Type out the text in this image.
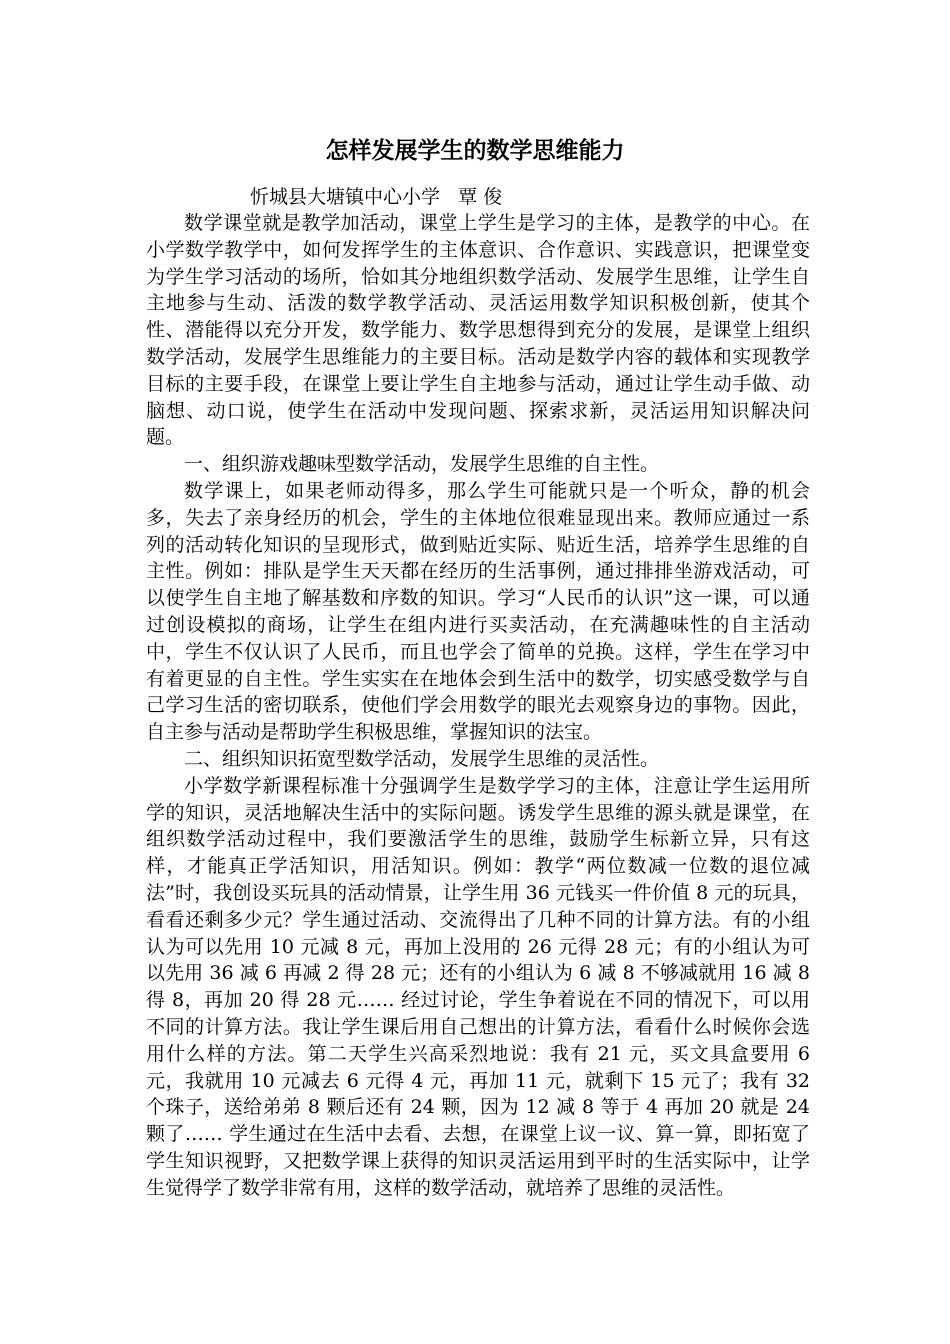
怎样发展学生的数学思维能力
忻城县大塘镇中心小学   覃 俊

数学课堂就是教学加活动，课堂上学生是学习的主体，是教学的中心。在小学数学教学中，如何发挥学生的主体意识、合作意识、实践意识，把课堂变为学生学习活动的场所，恰如其分地组织数学活动、发展学生思维，让学生自主地参与生动、活泼的数学教学活动、灵活运用数学知识积极创新，使其个性、潜能得以充分开发，数学能力、数学思想得到充分的发展，是课堂上组织数学活动，发展学生思维能力的主要目标。活动是数学内容的载体和实现教学目标的主要手段，在课堂上要让学生自主地参与活动，通过让学生动手做、动脑想、动口说，使学生在活动中发现问题、探索求新，灵活运用知识解决问题。

一、组织游戏趣味型数学活动，发展学生思维的自主性。

数学课上，如果老师动得多，那么学生可能就只是一个听众，静的机会多，失去了亲身经历的机会，学生的主体地位很难显现出来。教师应通过一系列的活动转化知识的呈现形式，做到贴近实际、贴近生活，培养学生思维的自主性。例如：排队是学生天天都在经历的生活事例，通过排排坐游戏活动，可以使学生自主地了解基数和序数的知识。学习“人民币的认识”这一课，可以通过创设模拟的商场，让学生在组内进行买卖活动，在充满趣味性的自主活动中，学生不仅认识了人民币，而且也学会了简单的兑换。这样，学生在学习中有着更显的自主性。学生实实在在地体会到生活中的数学，切实感受数学与自己学习生活的密切联系，使他们学会用数学的眼光去观察身边的事物。因此，自主参与活动是帮助学生积极思维，掌握知识的法宝。

二、组织知识拓宽型数学活动，发展学生思维的灵活性。

小学数学新课程标准十分强调学生是数学学习的主体，注意让学生运用所学的知识，灵活地解决生活中的实际问题。诱发学生思维的源头就是课堂，在组织数学活动过程中，我们要激活学生的思维，鼓励学生标新立异，只有这样，才能真正学活知识，用活知识。例如：教学“两位数减一位数的退位减法”时，我创设买玩具的活动情景，让学生用 36 元钱买一件价值 8 元的玩具，看看还剩多少元？学生通过活动、交流得出了几种不同的计算方法。有的小组认为可以先用 10 元减 8 元，再加上没用的 26 元得 28 元；有的小组认为可以先用 36 减 6 再减 2 得 28 元；还有的小组认为 6 减 8 不够减就用 16 减 8 得 8，再加 20 得 28 元…… 经过讨论，学生争着说在不同的情况下，可以用不同的计算方法。我让学生课后用自己想出的计算方法，看看什么时候你会选用什么样的方法。第二天学生兴高采烈地说：我有 21 元，买文具盒要用 6 元，我就用 10 元减去 6 元得 4 元，再加 11 元，就剩下 15 元了；我有 32 个珠子，送给弟弟 8 颗后还有 24 颗，因为 12 减 8 等于 4 再加 20 就是 24 颗了…… 学生通过在生活中去看、去想，在课堂上议一议、算一算，即拓宽了学生知识视野，又把数学课上获得的知识灵活运用到平时的生活实际中，让学生觉得学了数学非常有用，这样的数学活动，就培养了思维的灵活性。
